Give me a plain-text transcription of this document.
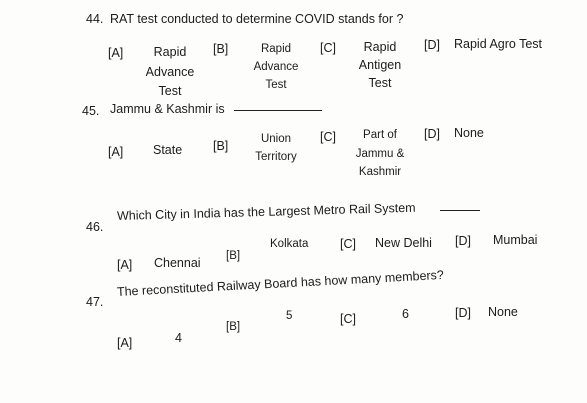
44. RAT test conducted to determine COVID stands for ?
[A]	Rapid
Advance
Test
[B]	Rapid
Advance
Test
[C]	Rapid
Antigen
Test
[D] Rapid Agro Test
45. Jammu & Kashmir is
[A] State [B]	Union
Territory
[C]	Part of
Jammu &
Kashmir
[D] None
46.
Which City in India has the Largest Metro Rail System
[A] Chennai [B]
Kolkata	[C] New Delhi [D] Mumbai
47.
The reconstituted Railway Board has how many members?
[A]	4
[B]
5	[C]	6	[D] None
